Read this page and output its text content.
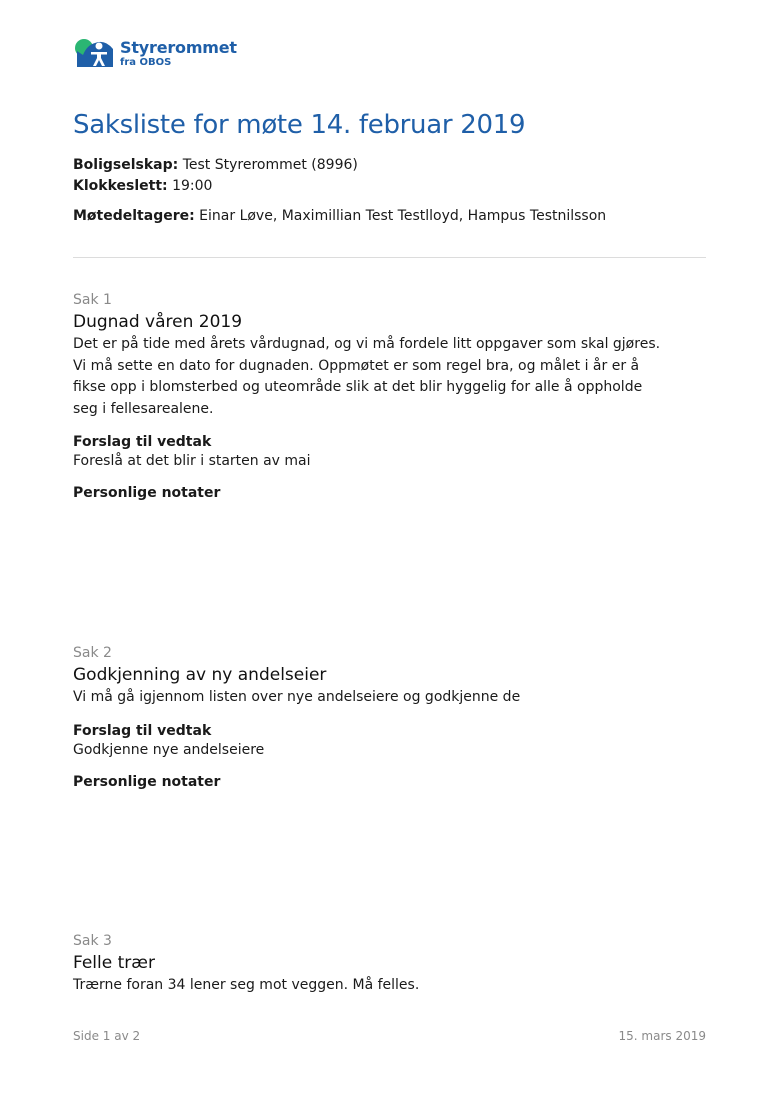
Styrerommet
fra OBOS
Saksliste for møte 14. februar 2019
Boligselskap: Test Styrerommet (8996)
Klokkeslett: 19:00
Møtedeltagere: Einar Løve, Maximillian Test Testlloyd, Hampus Testnilsson
Sak 1
Dugnad våren 2019
Det er på tide med årets vårdugnad, og vi må fordele litt oppgaver som skal gjøres. Vi må sette en dato for dugnaden. Oppmøtet er som regel bra, og målet i år er å fikse opp i blomsterbed og uteområde slik at det blir hyggelig for alle å oppholde seg i fellesarealene.
Forslag til vedtak
Foreslå at det blir i starten av mai
Personlige notater
Sak 2
Godkjenning av ny andelseier
Vi må gå igjennom listen over nye andelseiere og godkjenne de
Forslag til vedtak
Godkjenne nye andelseiere
Personlige notater
Sak 3
Felle trær
Trærne foran 34 lener seg mot veggen. Må felles.
Side 1 av 2	15. mars 2019
